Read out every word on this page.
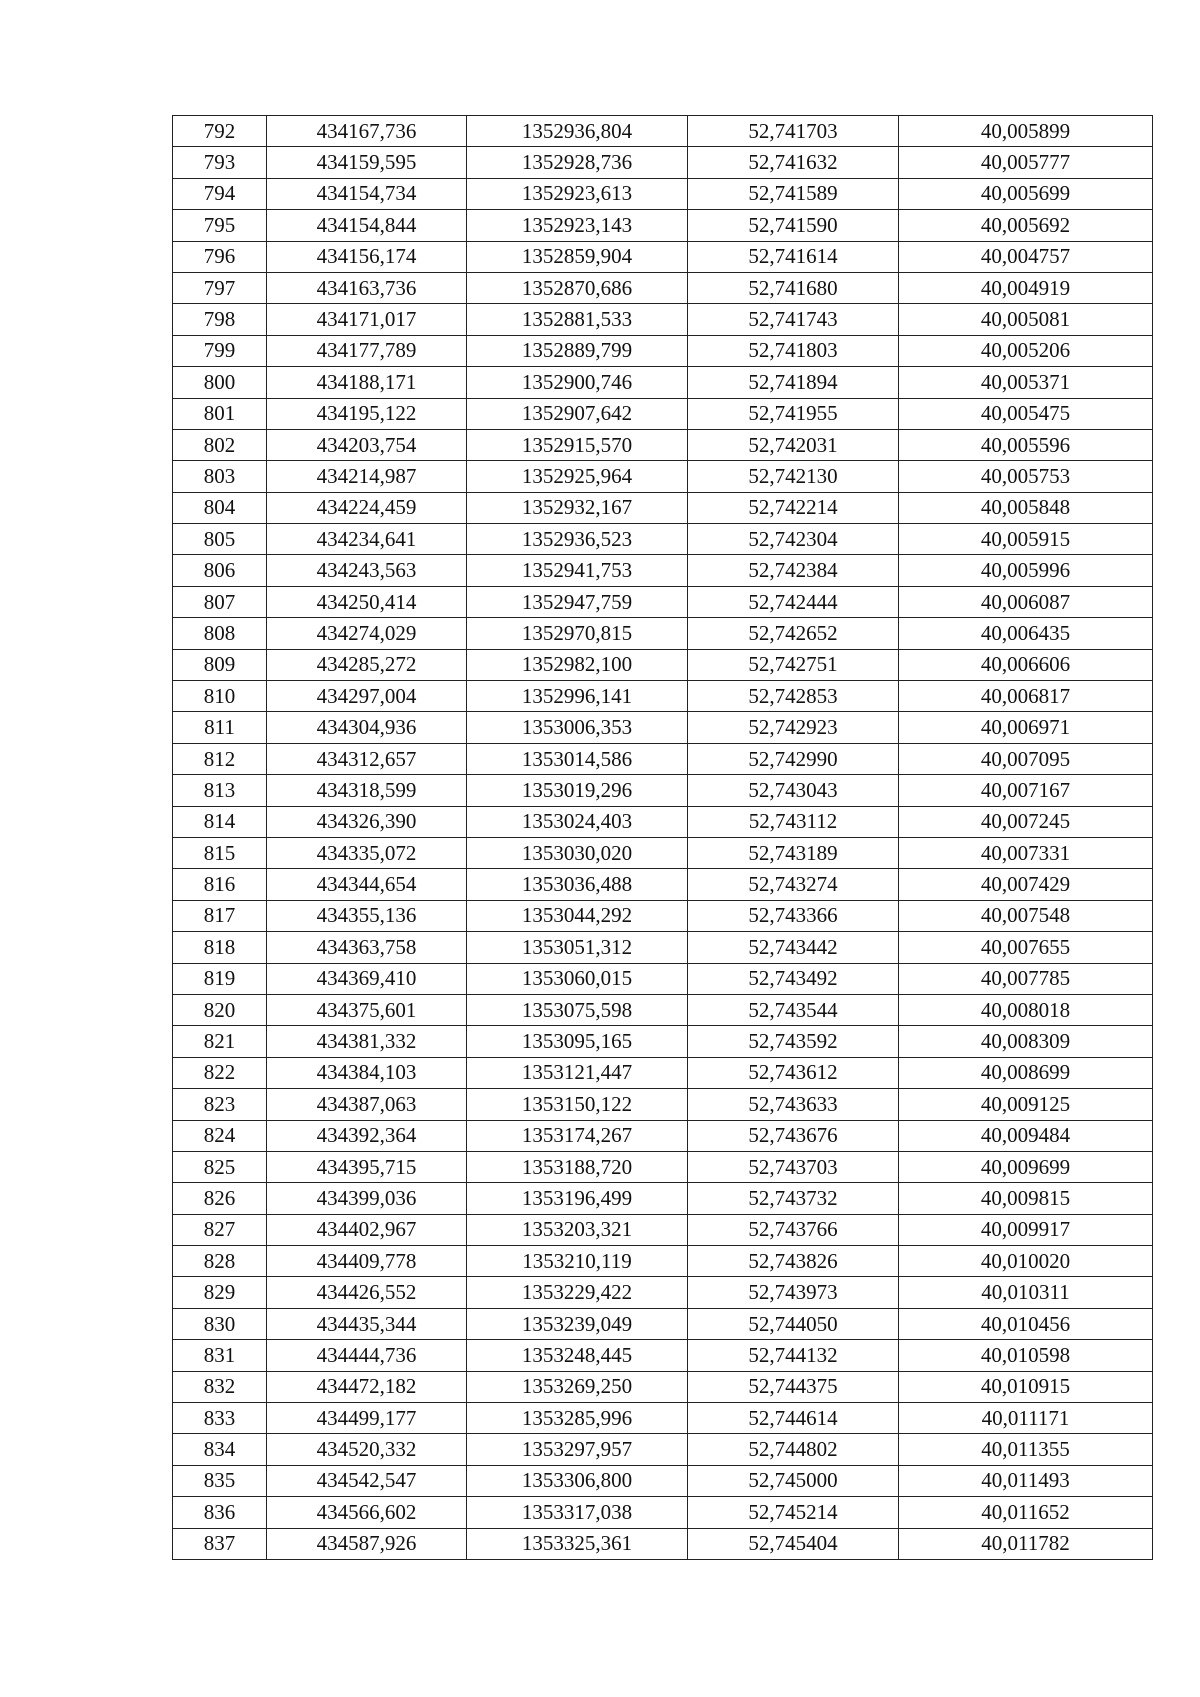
792	434167,736	1352936,804	52,741703	40,005899
793	434159,595	1352928,736	52,741632	40,005777
794	434154,734	1352923,613	52,741589	40,005699
795	434154,844	1352923,143	52,741590	40,005692
796	434156,174	1352859,904	52,741614	40,004757
797	434163,736	1352870,686	52,741680	40,004919
798	434171,017	1352881,533	52,741743	40,005081
799	434177,789	1352889,799	52,741803	40,005206
800	434188,171	1352900,746	52,741894	40,005371
801	434195,122	1352907,642	52,741955	40,005475
802	434203,754	1352915,570	52,742031	40,005596
803	434214,987	1352925,964	52,742130	40,005753
804	434224,459	1352932,167	52,742214	40,005848
805	434234,641	1352936,523	52,742304	40,005915
806	434243,563	1352941,753	52,742384	40,005996
807	434250,414	1352947,759	52,742444	40,006087
808	434274,029	1352970,815	52,742652	40,006435
809	434285,272	1352982,100	52,742751	40,006606
810	434297,004	1352996,141	52,742853	40,006817
811	434304,936	1353006,353	52,742923	40,006971
812	434312,657	1353014,586	52,742990	40,007095
813	434318,599	1353019,296	52,743043	40,007167
814	434326,390	1353024,403	52,743112	40,007245
815	434335,072	1353030,020	52,743189	40,007331
816	434344,654	1353036,488	52,743274	40,007429
817	434355,136	1353044,292	52,743366	40,007548
818	434363,758	1353051,312	52,743442	40,007655
819	434369,410	1353060,015	52,743492	40,007785
820	434375,601	1353075,598	52,743544	40,008018
821	434381,332	1353095,165	52,743592	40,008309
822	434384,103	1353121,447	52,743612	40,008699
823	434387,063	1353150,122	52,743633	40,009125
824	434392,364	1353174,267	52,743676	40,009484
825	434395,715	1353188,720	52,743703	40,009699
826	434399,036	1353196,499	52,743732	40,009815
827	434402,967	1353203,321	52,743766	40,009917
828	434409,778	1353210,119	52,743826	40,010020
829	434426,552	1353229,422	52,743973	40,010311
830	434435,344	1353239,049	52,744050	40,010456
831	434444,736	1353248,445	52,744132	40,010598
832	434472,182	1353269,250	52,744375	40,010915
833	434499,177	1353285,996	52,744614	40,011171
834	434520,332	1353297,957	52,744802	40,011355
835	434542,547	1353306,800	52,745000	40,011493
836	434566,602	1353317,038	52,745214	40,011652
837	434587,926	1353325,361	52,745404	40,011782
